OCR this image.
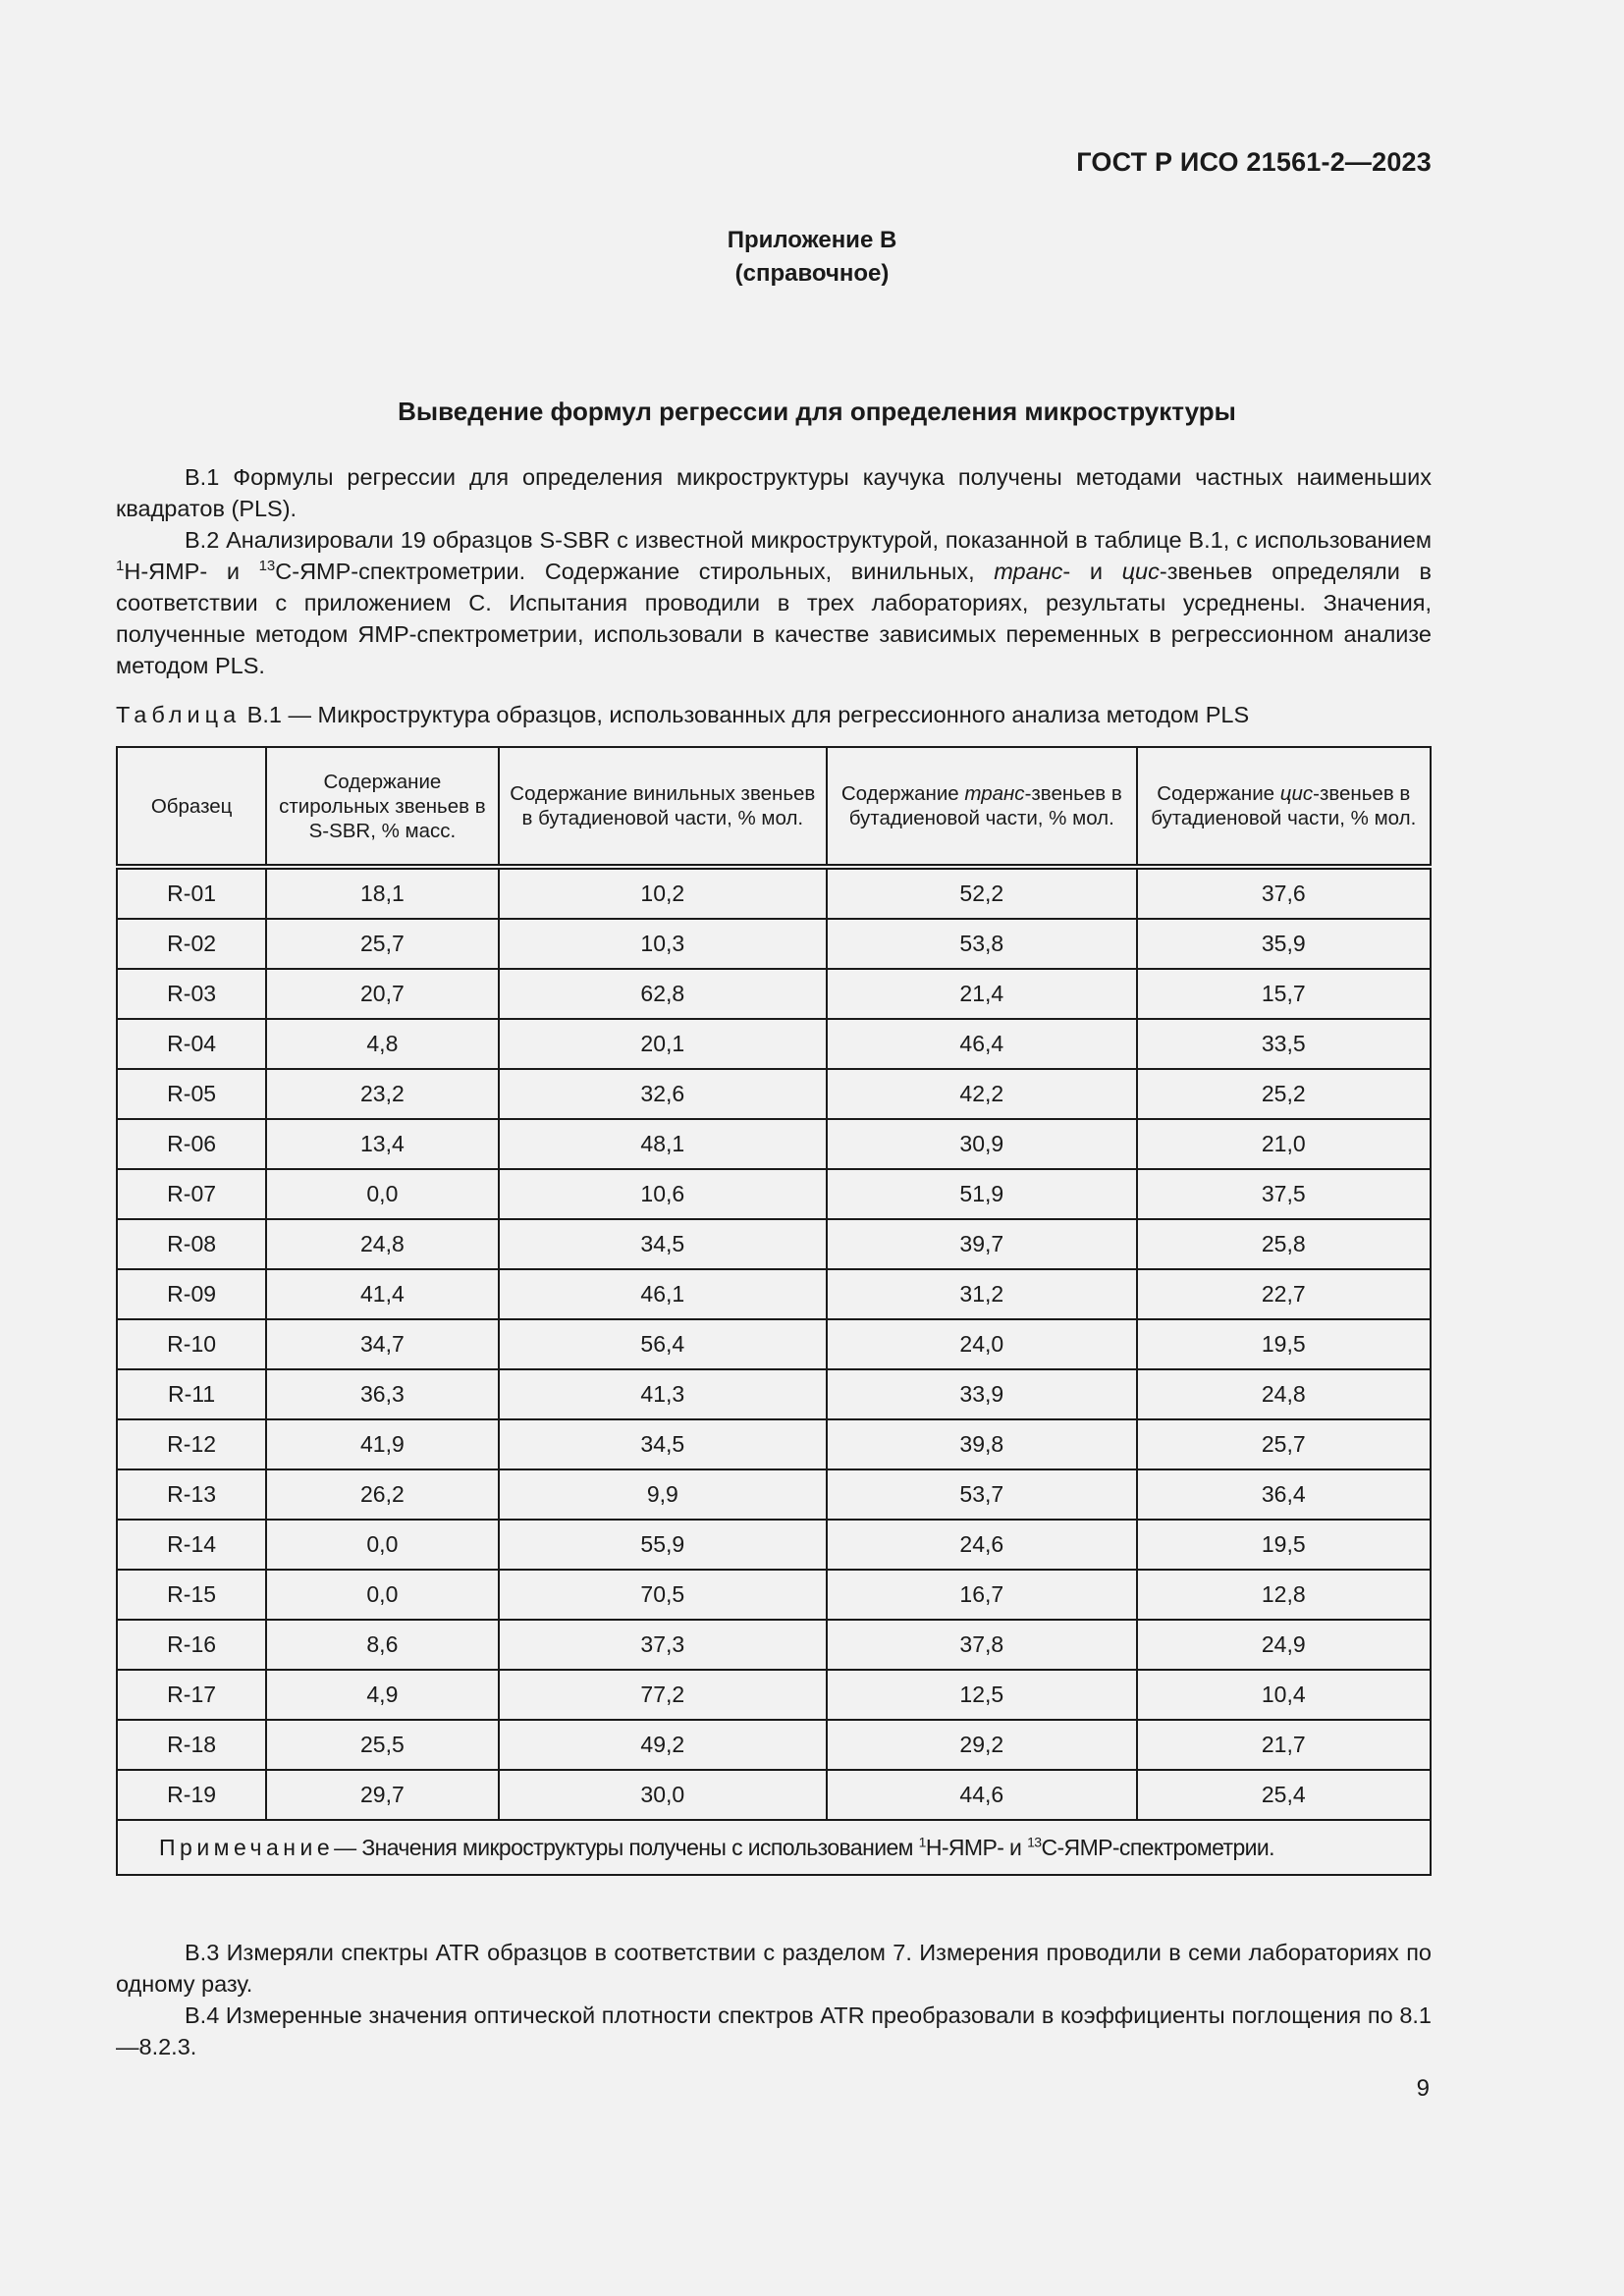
ГОСТ Р ИСО 21561-2—2023
Приложение В
(справочное)
Выведение формул регрессии для определения микроструктуры

В.1 Формулы регрессии для определения микроструктуры каучука получены методами частных наименьших квадратов (PLS).

В.2 Анализировали 19 образцов S-SBR с известной микроструктурой, показанной в таблице В.1, с использованием $^1$Н-ЯМР- и $^{13}$С-ЯМР-спектрометрии. Содержание стирольных, винильных, транс- и цис-звеньев определяли в соответствии с приложением С. Испытания проводили в трех лабораториях, результаты усреднены. Значения, полученные методом ЯМР-спектрометрии, использовали в качестве зависимых переменных в регрессионном анализе методом PLS.

Таблица В.1 — Микроструктура образцов, использованных для регрессионного анализа методом PLS
Образец	Содержание стирольных звеньев в S-SBR, % масс.	Содержание винильных звеньев в бутадиеновой части, % мол.	Содержание транс-звеньев в бутадиеновой части, % мол.	Содержание цис-звеньев в бутадиеновой части, % мол.
R-01	18,1	10,2	52,2	37,6
R-02	25,7	10,3	53,8	35,9
R-03	20,7	62,8	21,4	15,7
R-04	4,8	20,1	46,4	33,5
R-05	23,2	32,6	42,2	25,2
R-06	13,4	48,1	30,9	21,0
R-07	0,0	10,6	51,9	37,5
R-08	24,8	34,5	39,7	25,8
R-09	41,4	46,1	31,2	22,7
R-10	34,7	56,4	24,0	19,5
R-11	36,3	41,3	33,9	24,8
R-12	41,9	34,5	39,8	25,7
R-13	26,2	9,9	53,7	36,4
R-14	0,0	55,9	24,6	19,5
R-15	0,0	70,5	16,7	12,8
R-16	8,6	37,3	37,8	24,9
R-17	4,9	77,2	12,5	10,4
R-18	25,5	49,2	29,2	21,7
R-19	29,7	30,0	44,6	25,4
Примечание— Значения микроструктуры получены с использованием $^1$Н-ЯМР- и $^{13}$С-ЯМР-спектрометрии.				

В.3 Измеряли спектры ATR образцов в соответствии с разделом 7. Измерения проводили в семи лабораториях по одному разу.

В.4 Измеренные значения оптической плотности спектров ATR преобразовали в коэффициенты поглощения по 8.1—8.2.3.

9
